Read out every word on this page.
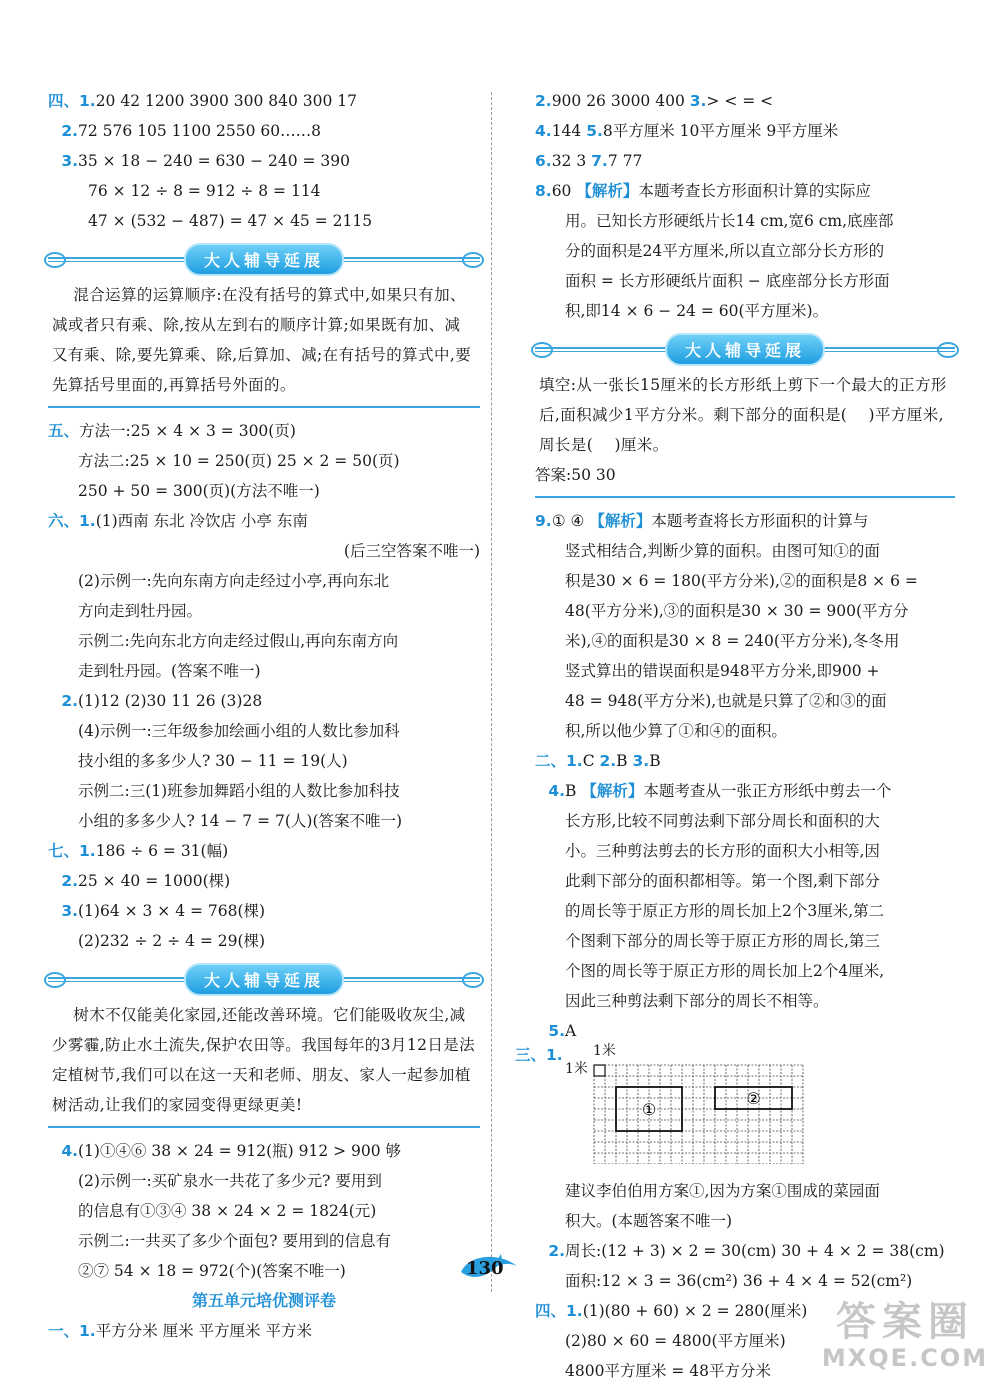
四、1.20 42 1200 3900 300 840 300 17
2.72 576 105 1100 2550 60……8
3.35 × 18 − 240 = 630 − 240 = 390
76 × 12 ÷ 8 = 912 ÷ 8 = 114
47 × (532 − 487) = 47 × 45 = 2115
大人辅导延展
混合运算的运算顺序:在没有括号的算式中,如果只有加、减或者只有乘、除,按从左到右的顺序计算;如果既有加、减又有乘、除,要先算乘、除,后算加、减;在有括号的算式中,要先算括号里面的,再算括号外面的。
五、方法一:25 × 4 × 3 = 300(页)
方法二:25 × 10 = 250(页) 25 × 2 = 50(页)
250 + 50 = 300(页)(方法不唯一)
六、1.(1)西南 东北 冷饮店 小亭 东南
(后三空答案不唯一)
(2)示例一:先向东南方向走经过小亭,再向东北
方向走到牡丹园。
示例二:先向东北方向走经过假山,再向东南方向
走到牡丹园。(答案不唯一)
2.(1)12 (2)30 11 26 (3)28
(4)示例一:三年级参加绘画小组的人数比参加科
技小组的多多少人? 30 − 11 = 19(人)
示例二:三(1)班参加舞蹈小组的人数比参加科技
小组的多多少人? 14 − 7 = 7(人)(答案不唯一)
七、1.186 ÷ 6 = 31(幅)
2.25 × 40 = 1000(棵)
3.(1)64 × 3 × 4 = 768(棵)
(2)232 ÷ 2 ÷ 4 = 29(棵)
大人辅导延展
树木不仅能美化家园,还能改善环境。它们能吸收灰尘,减少雾霾,防止水土流失,保护农田等。我国每年的3月12日是法定植树节,我们可以在这一天和老师、朋友、家人一起参加植树活动,让我们的家园变得更绿更美!
4.(1)①④⑥ 38 × 24 = 912(瓶) 912 > 900 够
(2)示例一:买矿泉水一共花了多少元? 要用到
的信息有①③④ 38 × 24 × 2 = 1824(元)
示例二:一共买了多少个面包? 要用到的信息有
②⑦ 54 × 18 = 972(个)(答案不唯一)
第五单元培优测评卷
一、1.平方分米 厘米 平方厘米 平方米
2.900 26 3000 400 3.> < = <
4.144 5.8平方厘米 10平方厘米 9平方厘米
6.32 3 7.7 77
8.60 【解析】本题考查长方形面积计算的实际应
用。已知长方形硬纸片长14 cm,宽6 cm,底座部
分的面积是24平方厘米,所以直立部分长方形的
面积 = 长方形硬纸片面积 − 底座部分长方形面
积,即14 × 6 − 24 = 60(平方厘米)。
大人辅导延展
填空:从一张长15厘米的长方形纸上剪下一个最大的正方形后,面积减少1平方分米。剩下部分的面积是(    )平方厘米,周长是(    )厘米。
答案:50 30
9.① ④ 【解析】本题考查将长方形面积的计算与
竖式相结合,判断少算的面积。由图可知①的面
积是30 × 6 = 180(平方分米),②的面积是8 × 6 =
48(平方分米),③的面积是30 × 30 = 900(平方分
米),④的面积是30 × 8 = 240(平方分米),冬冬用
竖式算出的错误面积是948平方分米,即900 +
48 = 948(平方分米),也就是只算了②和③的面
积,所以他少算了①和④的面积。
二、1.C 2.B 3.B
4.B 【解析】本题考查从一张正方形纸中剪去一个
长方形,比较不同剪法剩下部分周长和面积的大
小。三种剪法剪去的长方形的面积大小相等,因
此剩下部分的面积都相等。第一个图,剩下部分
的周长等于原正方形的周长加上2个3厘米,第二
个图剩下部分的周长等于原正方形的周长,第三
个图的周长等于原正方形的周长加上2个4厘米,
因此三种剪法剩下部分的周长不相等。
5.A
三、1. 1米
1米
①
②
建议李伯伯用方案①,因为方案①围成的菜园面
积大。(本题答案不唯一)
2.周长:(12 + 3) × 2 = 30(cm) 30 + 4 × 2 = 38(cm)
面积:12 × 3 = 36(cm²) 36 + 4 × 4 = 52(cm²)
四、1.(1)(80 + 60) × 2 = 280(厘米)
(2)80 × 60 = 4800(平方厘米)
4800平方厘米 = 48平方分米
130
答案圈
MXQE.COM
